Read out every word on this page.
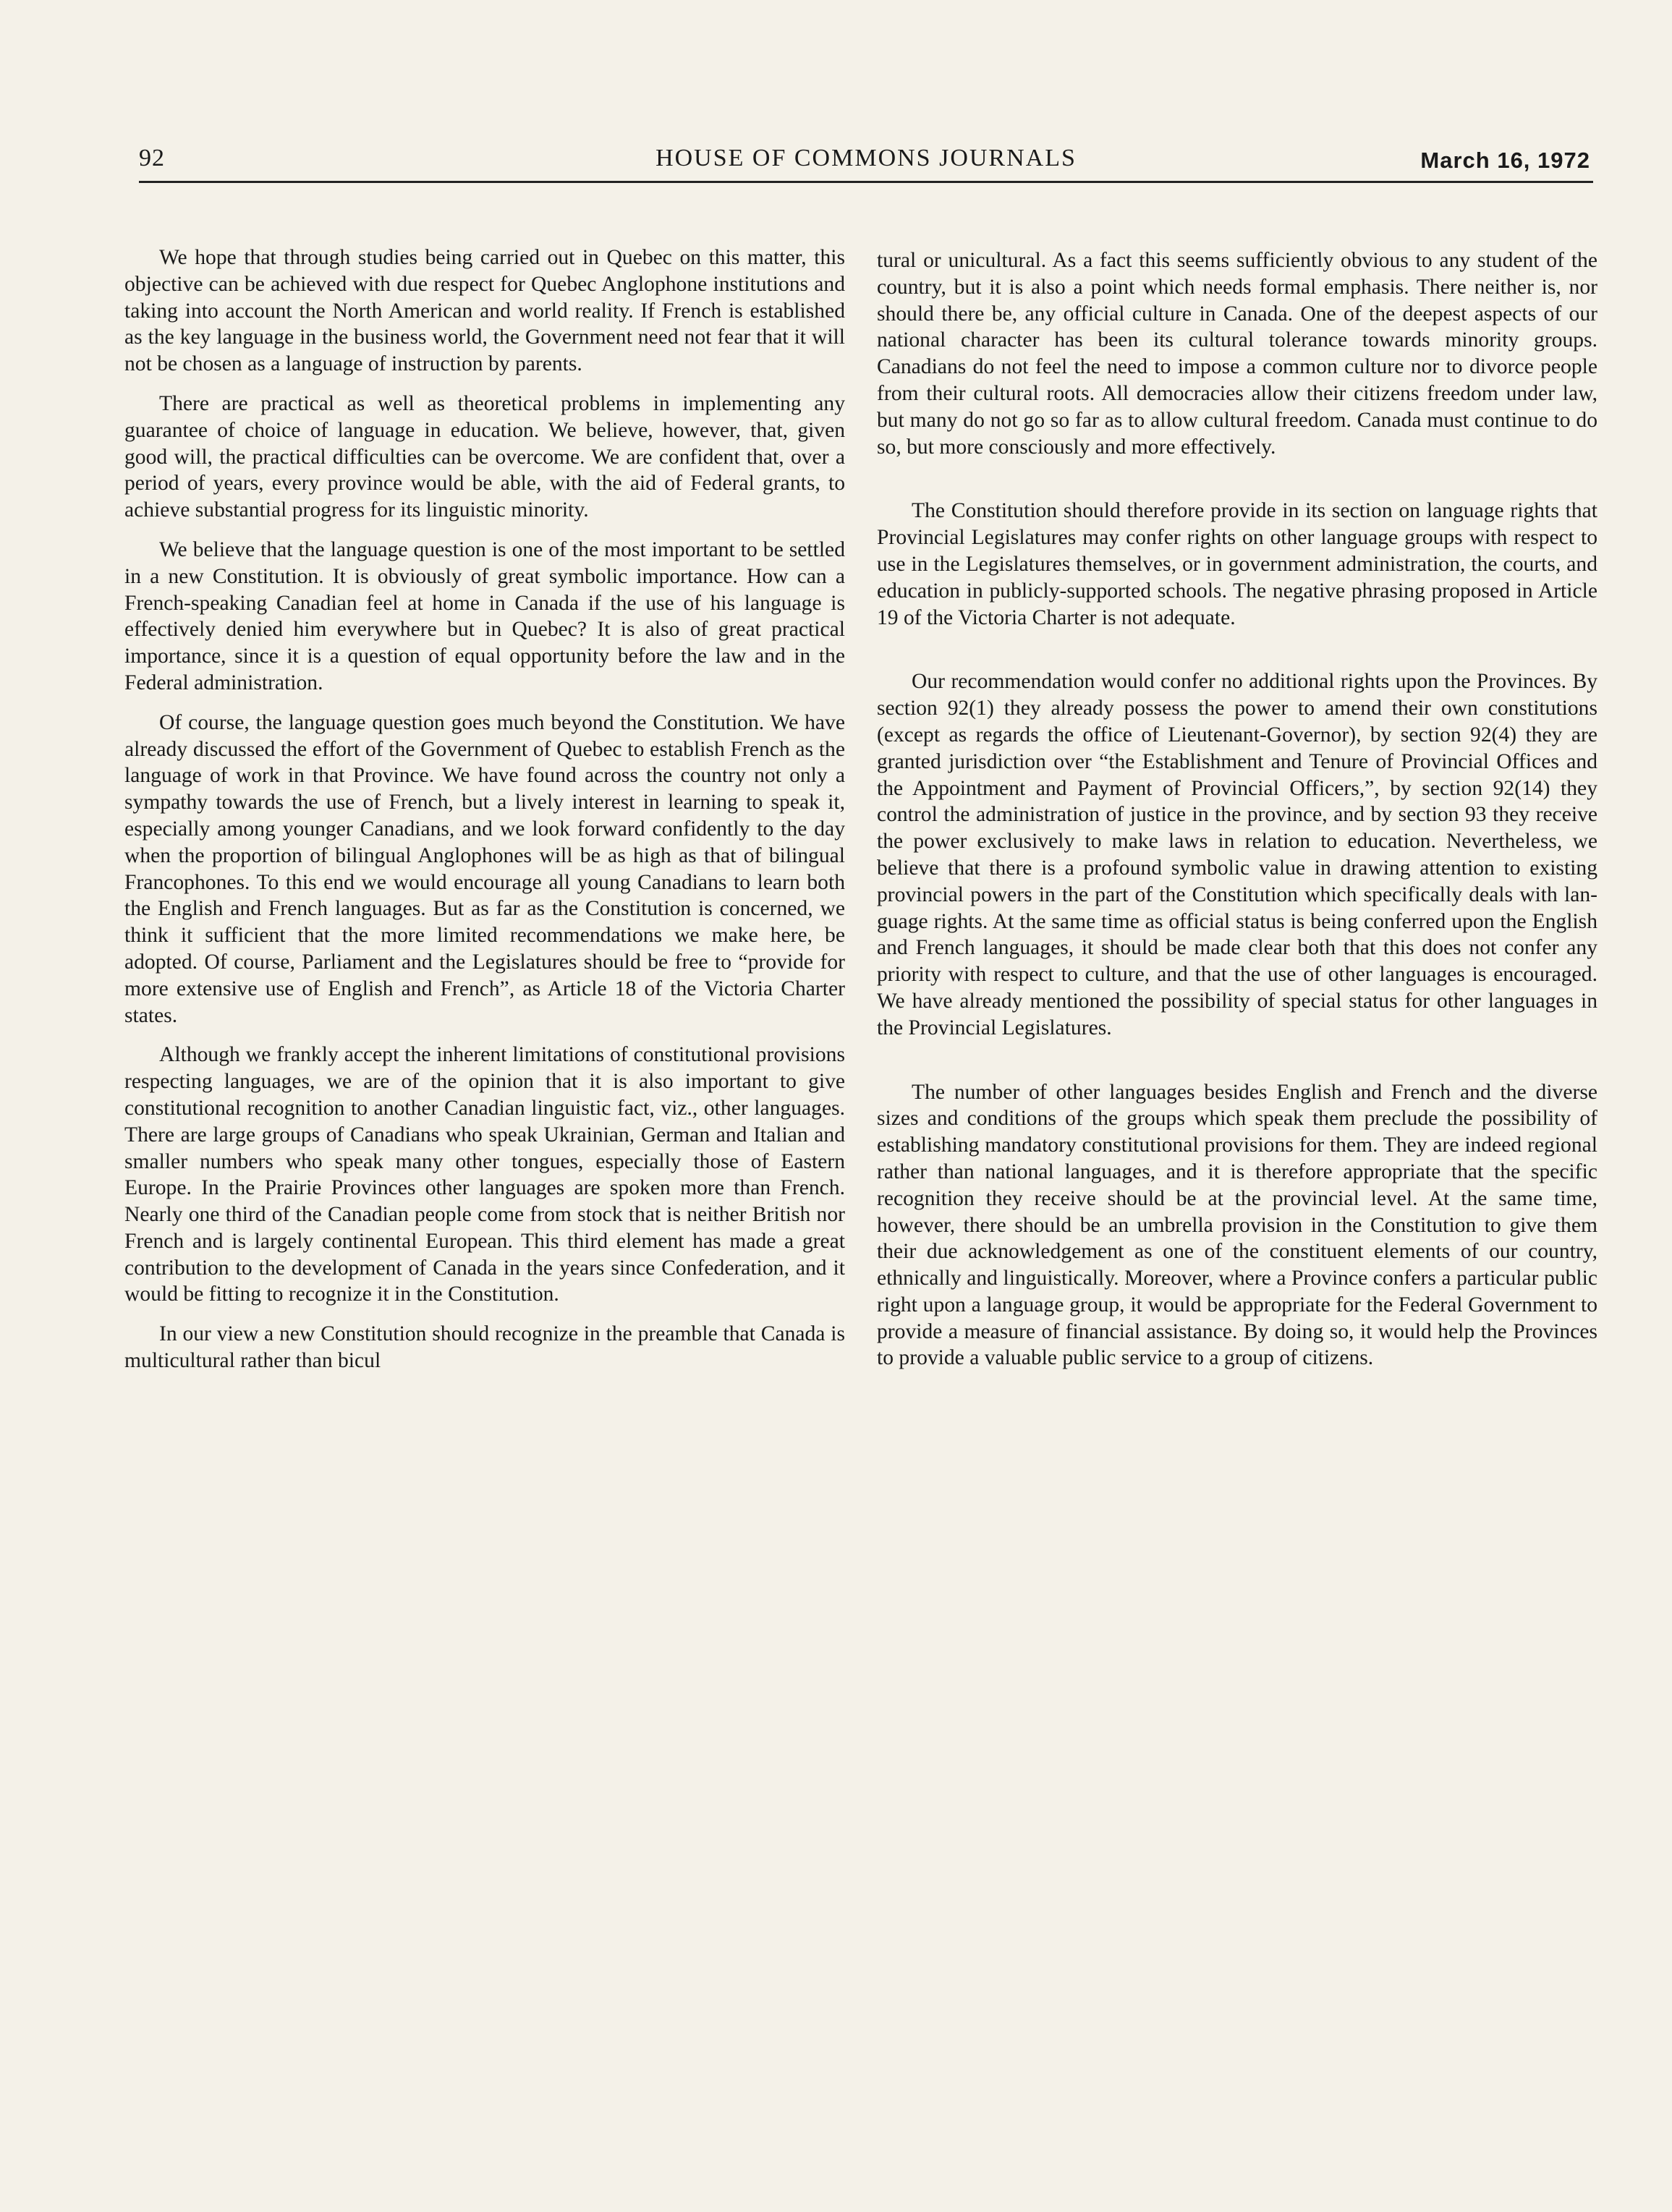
92	HOUSE OF COMMONS JOURNALS	March 16, 1972

We hope that through studies being carried out in Quebec on this matter, this objective can be achieved with due respect for Quebec Anglophone institutions and taking into account the North American and world reality. If French is established as the key language in the business world, the Government need not fear that it will not be chosen as a language of instruction by parents.

There are practical as well as theoretical problems in implementing any guarantee of choice of language in education. We believe, however, that, given good will, the practical difficulties can be overcome. We are confident that, over a period of years, every province would be able, with the aid of Federal grants, to achieve substantial progress for its linguistic minority.

We believe that the language question is one of the most important to be settled in a new Constitution. It is obviously of great symbolic importance. How can a French-speaking Canadian feel at home in Canada if the use of his language is effectively denied him everywhere but in Quebec? It is also of great practical importance, since it is a question of equal opportunity before the law and in the Federal administration.

Of course, the language question goes much beyond the Constitution. We have already discussed the effort of the Government of Quebec to establish French as the language of work in that Province. We have found across the country not only a sympathy towards the use of French, but a lively interest in learning to speak it, especially among younger Canadians, and we look forward confidently to the day when the proportion of bilingual Anglophones will be as high as that of bilingual Francophones. To this end we would encourage all young Canadians to learn both the English and French languages. But as far as the Constitution is concerned, we think it sufficient that the more limited recommendations we make here, be adopted. Of course, Parliament and the Legislatures should be free to “provide for more extensive use of English and French”, as Article 18 of the Victoria Charter states.

Although we frankly accept the inherent limitations of constitutional provisions respecting languages, we are of the opinion that it is also important to give constitutional recognition to another Canadian linguistic fact, viz., other languages. There are large groups of Canadians who speak Ukrainian, German and Italian and smaller numbers who speak many other tongues, especially those of Eastern Europe. In the Prairie Provinces other languages are spoken more than French. Nearly one third of the Canadian people come from stock that is neither British nor French and is largely continental European. This third element has made a great contribution to the development of Canada in the years since Confederation, and it would be fitting to recognize it in the Constitution.

In our view a new Constitution should recognize in the preamble that Canada is multicultural rather than bicul

tural or unicultural. As a fact this seems sufficiently obvious to any student of the country, but it is also a point which needs formal emphasis. There neither is, nor should there be, any official culture in Canada. One of the deepest aspects of our national character has been its cultural tolerance towards minority groups. Canadians do not feel the need to impose a common culture nor to divorce people from their cultural roots. All democracies allow their citizens freedom under law, but many do not go so far as to allow cultural freedom. Canada must continue to do so, but more consciously and more effectively.

The Constitution should therefore provide in its section on language rights that Provincial Legislatures may confer rights on other language groups with respect to use in the Legislatures themselves, or in government administration, the courts, and education in publicly-supported schools. The negative phrasing proposed in Article 19 of the Victoria Charter is not adequate.

Our recommendation would confer no additional rights upon the Provinces. By section 92(1) they already possess the power to amend their own constitutions (except as regards the office of Lieutenant-Governor), by section 92(4) they are granted jurisdiction over “the Establishment and Tenure of Provincial Offices and the Appointment and Payment of Provincial Officers,”, by section 92(14) they control the administration of justice in the province, and by section 93 they receive the power exclusively to make laws in relation to education. Nevertheless, we believe that there is a profound symbolic value in drawing attention to existing provincial powers in the part of the Constitution which specifically deals with language rights. At the same time as official status is being conferred upon the English and French languages, it should be made clear both that this does not confer any priority with respect to culture, and that the use of other languages is encouraged. We have already mentioned the possibility of special status for other languages in the Provincial Legislatures.

The number of other languages besides English and French and the diverse sizes and conditions of the groups which speak them preclude the possibility of establishing mandatory constitutional provisions for them. They are indeed regional rather than national languages, and it is therefore appropriate that the specific recognition they receive should be at the provincial level. At the same time, however, there should be an umbrella provision in the Constitution to give them their due acknowledgement as one of the constituent elements of our country, ethnically and linguistically. Moreover, where a Province confers a particular public right upon a language group, it would be appropriate for the Federal Government to provide a measure of financial assistance. By doing so, it would help the Provinces to provide a valuable public service to a group of citizens.
